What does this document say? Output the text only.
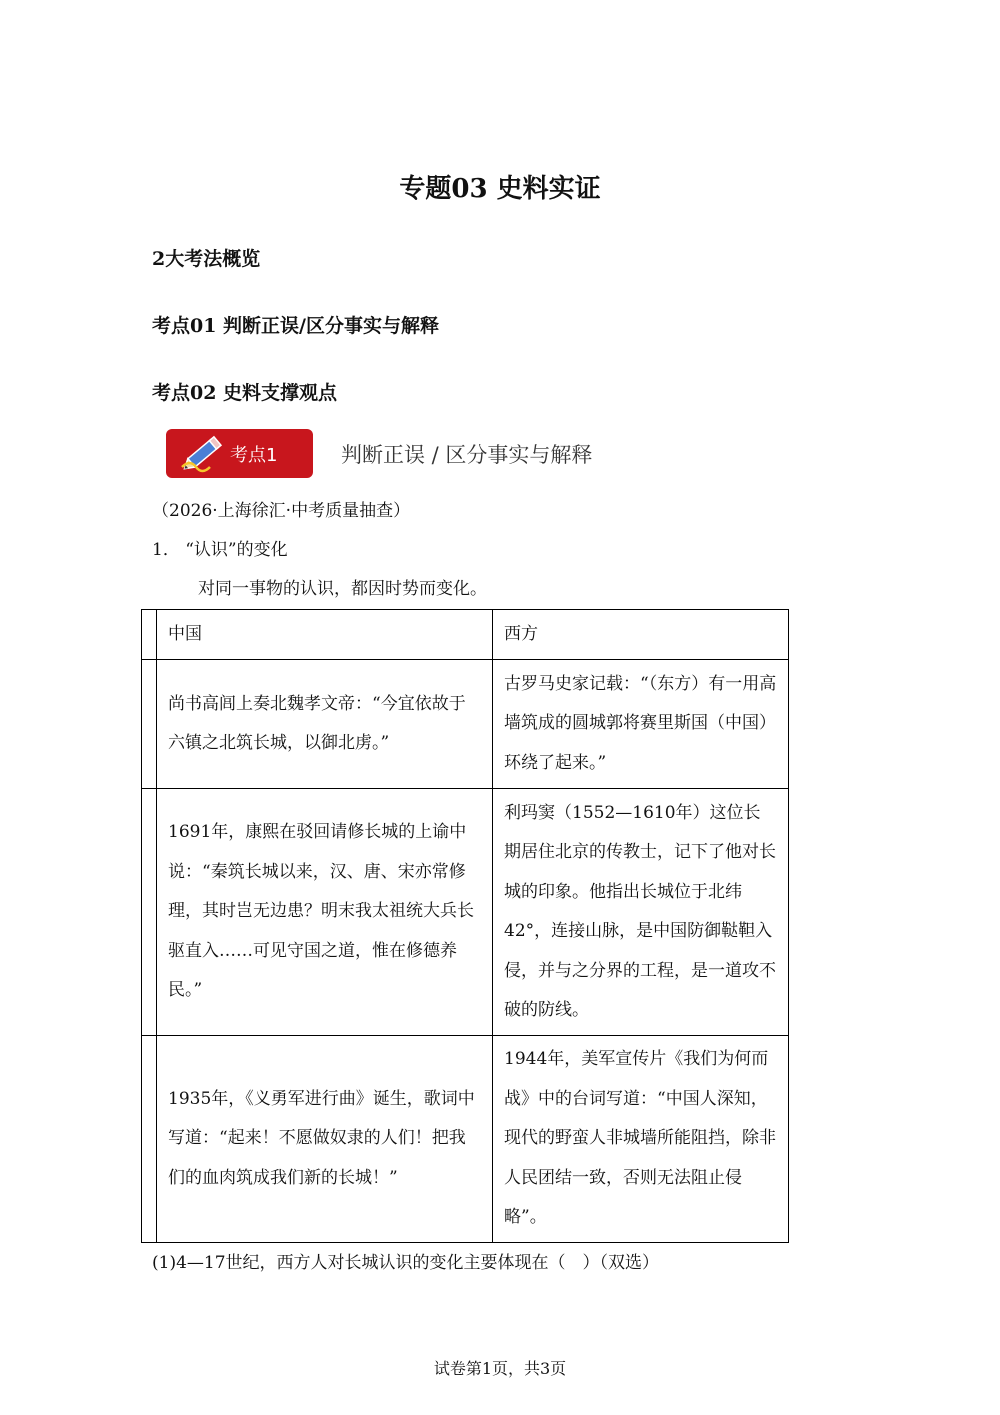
专题03 史料实证
2大考法概览
考点01 判断正误/区分事实与解释
考点02 史料支撑观点
考点1	判断正误 / 区分事实与解释
（2026·上海徐汇·中考质量抽查）
1． “认识”的变化
对同一事物的认识，都因时势而变化。
	中国	西方
	尚书高闾上奏北魏孝文帝：“今宜依故于六镇之北筑长城，以御北虏。”	古罗马史家记载：“（东方）有一用高墙筑成的圆城郭将赛里斯国（中国）环绕了起来。”
	1691年，康熙在驳回请修长城的上谕中说：“秦筑长城以来，汉、唐、宋亦常修理，其时岂无边患？明末我太祖统大兵长驱直入……可见守国之道，惟在修德养民。”	利玛窦（1552—1610年）这位长期居住北京的传教士，记下了他对长城的印象。他指出长城位于北纬42°，连接山脉，是中国防御鞑靼入侵，并与之分界的工程，是一道攻不破的防线。
	1935年，《义勇军进行曲》诞生，歌词中写道：“起来！不愿做奴隶的人们！把我们的血肉筑成我们新的长城！”	1944年，美军宣传片《我们为何而战》中的台词写道：“中国人深知，现代的野蛮人非城墙所能阻挡，除非人民团结一致，否则无法阻止侵略”。
(1)4—17世纪，西方人对长城认识的变化主要体现在（　）（双选）
试卷第1页，共3页
